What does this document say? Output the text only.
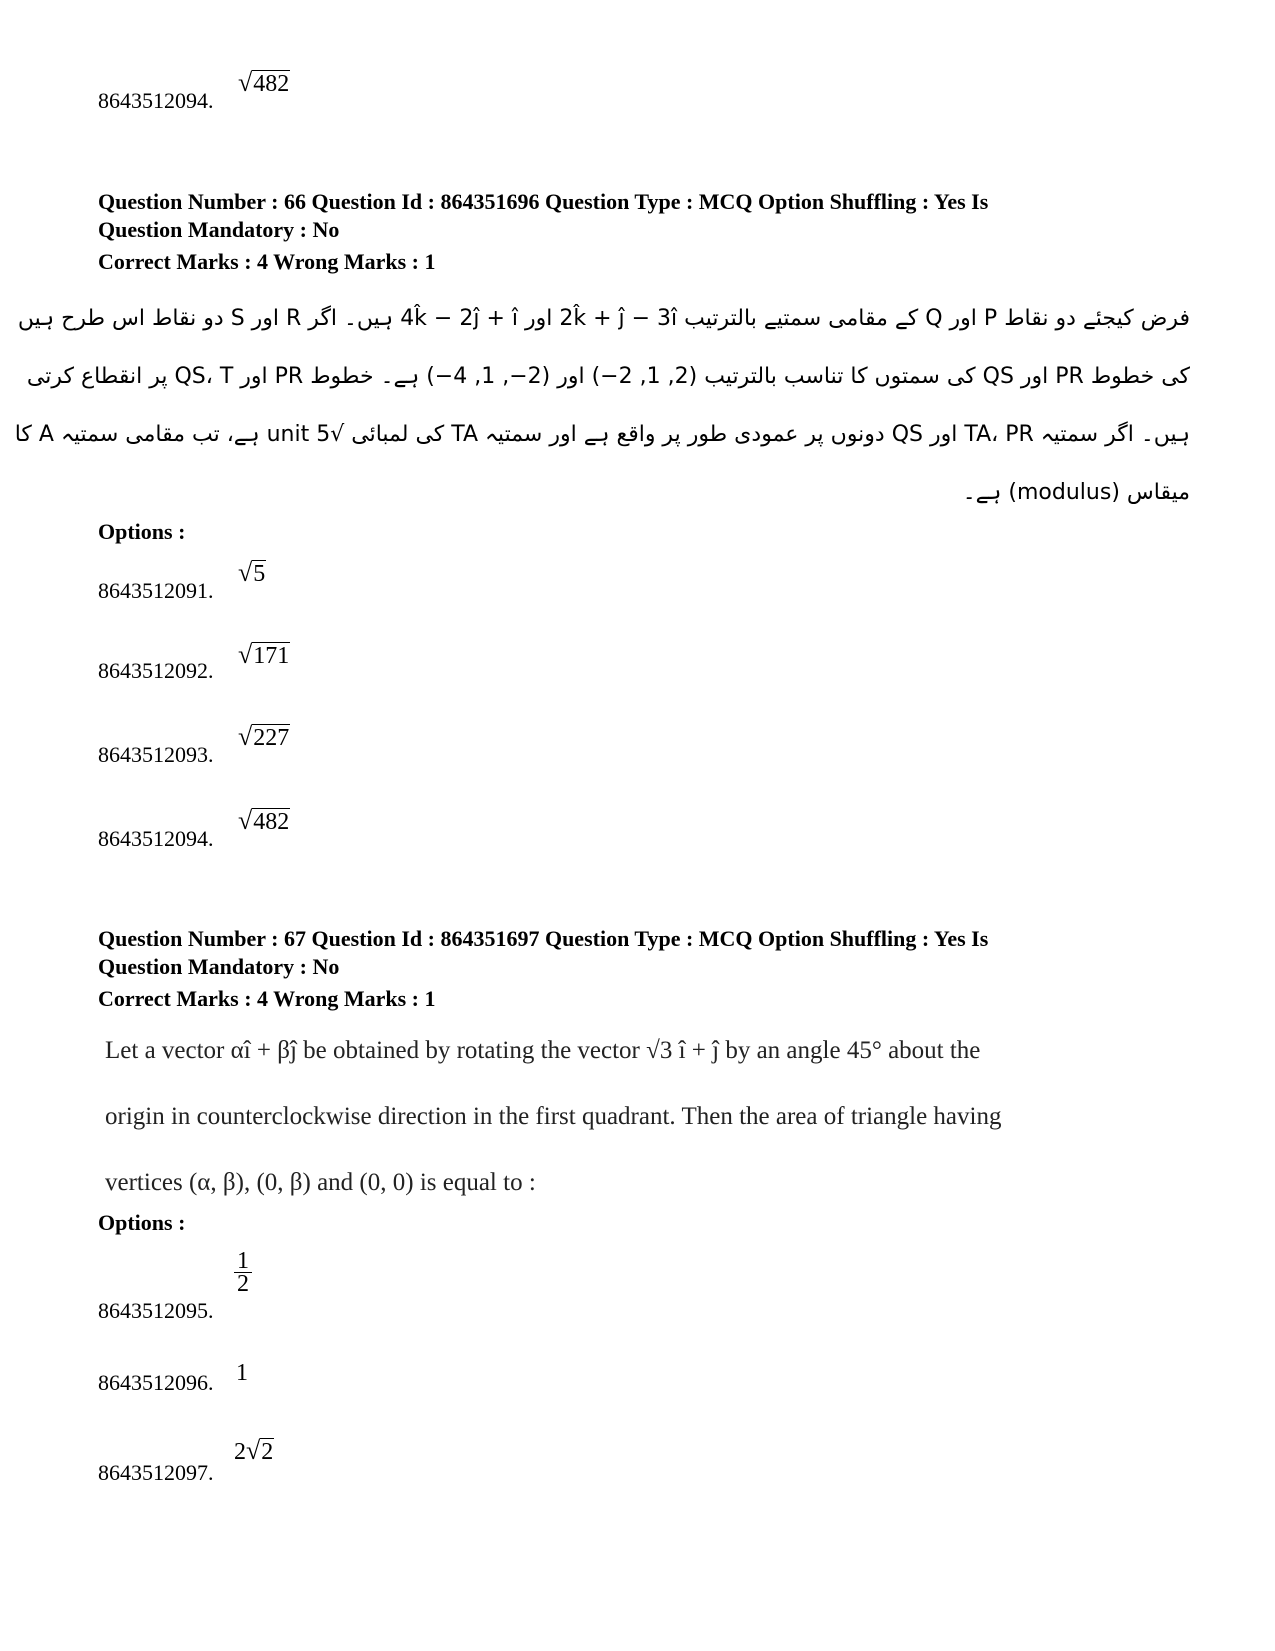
8643512094.
√482
Question Number : 66 Question Id : 864351696 Question Type : MCQ Option Shuffling : Yes Is
Question Mandatory : No
Correct Marks : 4 Wrong Marks : 1
فرض کیجئے دو نقاط P اور Q کے مقامی سمتیے بالترتیب 2k̂ + ĵ − 3î اور 4k̂ − 2ĵ + î ہیں۔ اگر R اور S دو نقاط اس طرح ہیں
کی خطوط PR اور QS کی سمتوں کا تناسب بالترتیب (2, 1, 2−) اور (2−, 1, 4−) ہے۔ خطوط PR اور QS، T پر انقطاع کرتی
ہیں۔ اگر سمتیہ TA، PR اور QS دونوں پر عمودی طور پر واقع ہے اور سمتیہ TA کی لمبائی √5 unit ہے، تب مقامی سمتیہ A کا
میقاس (modulus) ہے۔
Options :
8643512091.
√5
8643512092.
√171
8643512093.
√227
8643512094.
√482
Question Number : 67 Question Id : 864351697 Question Type : MCQ Option Shuffling : Yes Is
Question Mandatory : No
Correct Marks : 4 Wrong Marks : 1
Let a vector αî + βĵ be obtained by rotating the vector √3 î + ĵ by an angle 45° about the
origin in counterclockwise direction in the first quadrant. Then the area of triangle having
vertices (α, β), (0, β) and (0, 0) is equal to :
Options :
8643512095.
$\frac{1}{2}$
8643512096. 1
8643512097.
2√2
